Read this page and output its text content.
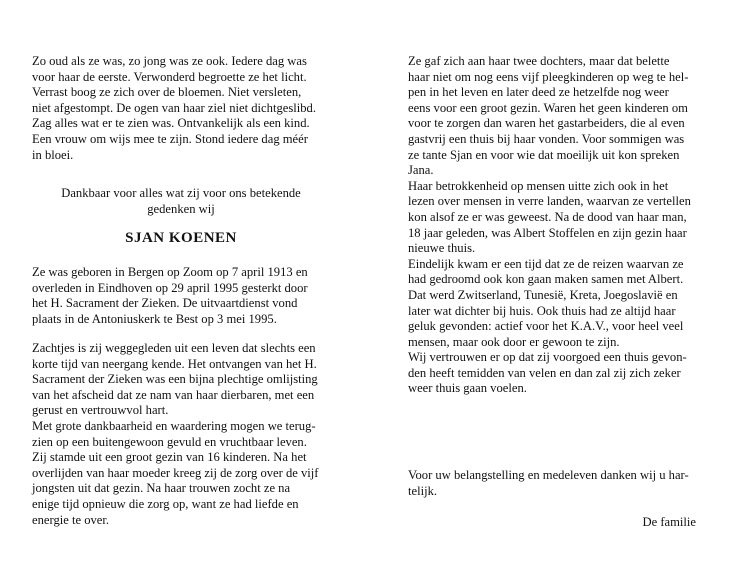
Zo oud als ze was, zo jong was ze ook. Iedere dag was
voor haar de eerste. Verwonderd begroette ze het licht.
Verrast boog ze zich over de bloemen. Niet versleten,
niet afgestompt. De ogen van haar ziel niet dichtgeslibd.
Zag alles wat er te zien was. Ontvankelijk als een kind.
Een vrouw om wijs mee te zijn. Stond iedere dag méér
in bloei.
Dankbaar voor alles wat zij voor ons betekende
gedenken wij
SJAN KOENEN
Ze was geboren in Bergen op Zoom op 7 april 1913 en
overleden in Eindhoven op 29 april 1995 gesterkt door
het H. Sacrament der Zieken. De uitvaartdienst vond
plaats in de Antoniuskerk te Best op 3 mei 1995.
Zachtjes is zij weggegleden uit een leven dat slechts een
korte tijd van neergang kende. Het ontvangen van het H.
Sacrament der Zieken was een bijna plechtige omlijsting
van het afscheid dat ze nam van haar dierbaren, met een
gerust en vertrouwvol hart.
Met grote dankbaarheid en waardering mogen we terug-
zien op een buitengewoon gevuld en vruchtbaar leven.
Zij stamde uit een groot gezin van 16 kinderen. Na het
overlijden van haar moeder kreeg zij de zorg over de vijf
jongsten uit dat gezin. Na haar trouwen zocht ze na
enige tijd opnieuw die zorg op, want ze had liefde en
energie te over.
Ze gaf zich aan haar twee dochters, maar dat belette
haar niet om nog eens vijf pleegkinderen op weg te hel-
pen in het leven en later deed ze hetzelfde nog weer
eens voor een groot gezin. Waren het geen kinderen om
voor te zorgen dan waren het gastarbeiders, die al even
gastvrij een thuis bij haar vonden. Voor sommigen was
ze tante Sjan en voor wie dat moeilijk uit kon spreken
Jana.
Haar betrokkenheid op mensen uitte zich ook in het
lezen over mensen in verre landen, waarvan ze vertellen
kon alsof ze er was geweest. Na de dood van haar man,
18 jaar geleden, was Albert Stoffelen en zijn gezin haar
nieuwe thuis.
Eindelijk kwam er een tijd dat ze de reizen waarvan ze
had gedroomd ook kon gaan maken samen met Albert.
Dat werd Zwitserland, Tunesië, Kreta, Joegoslavië en
later wat dichter bij huis. Ook thuis had ze altijd haar
geluk gevonden: actief voor het K.A.V., voor heel veel
mensen, maar ook door er gewoon te zijn.
Wij vertrouwen er op dat zij voorgoed een thuis gevon-
den heeft temidden van velen en dan zal zij zich zeker
weer thuis gaan voelen.
Voor uw belangstelling en medeleven danken wij u har-
telijk.
De familie
